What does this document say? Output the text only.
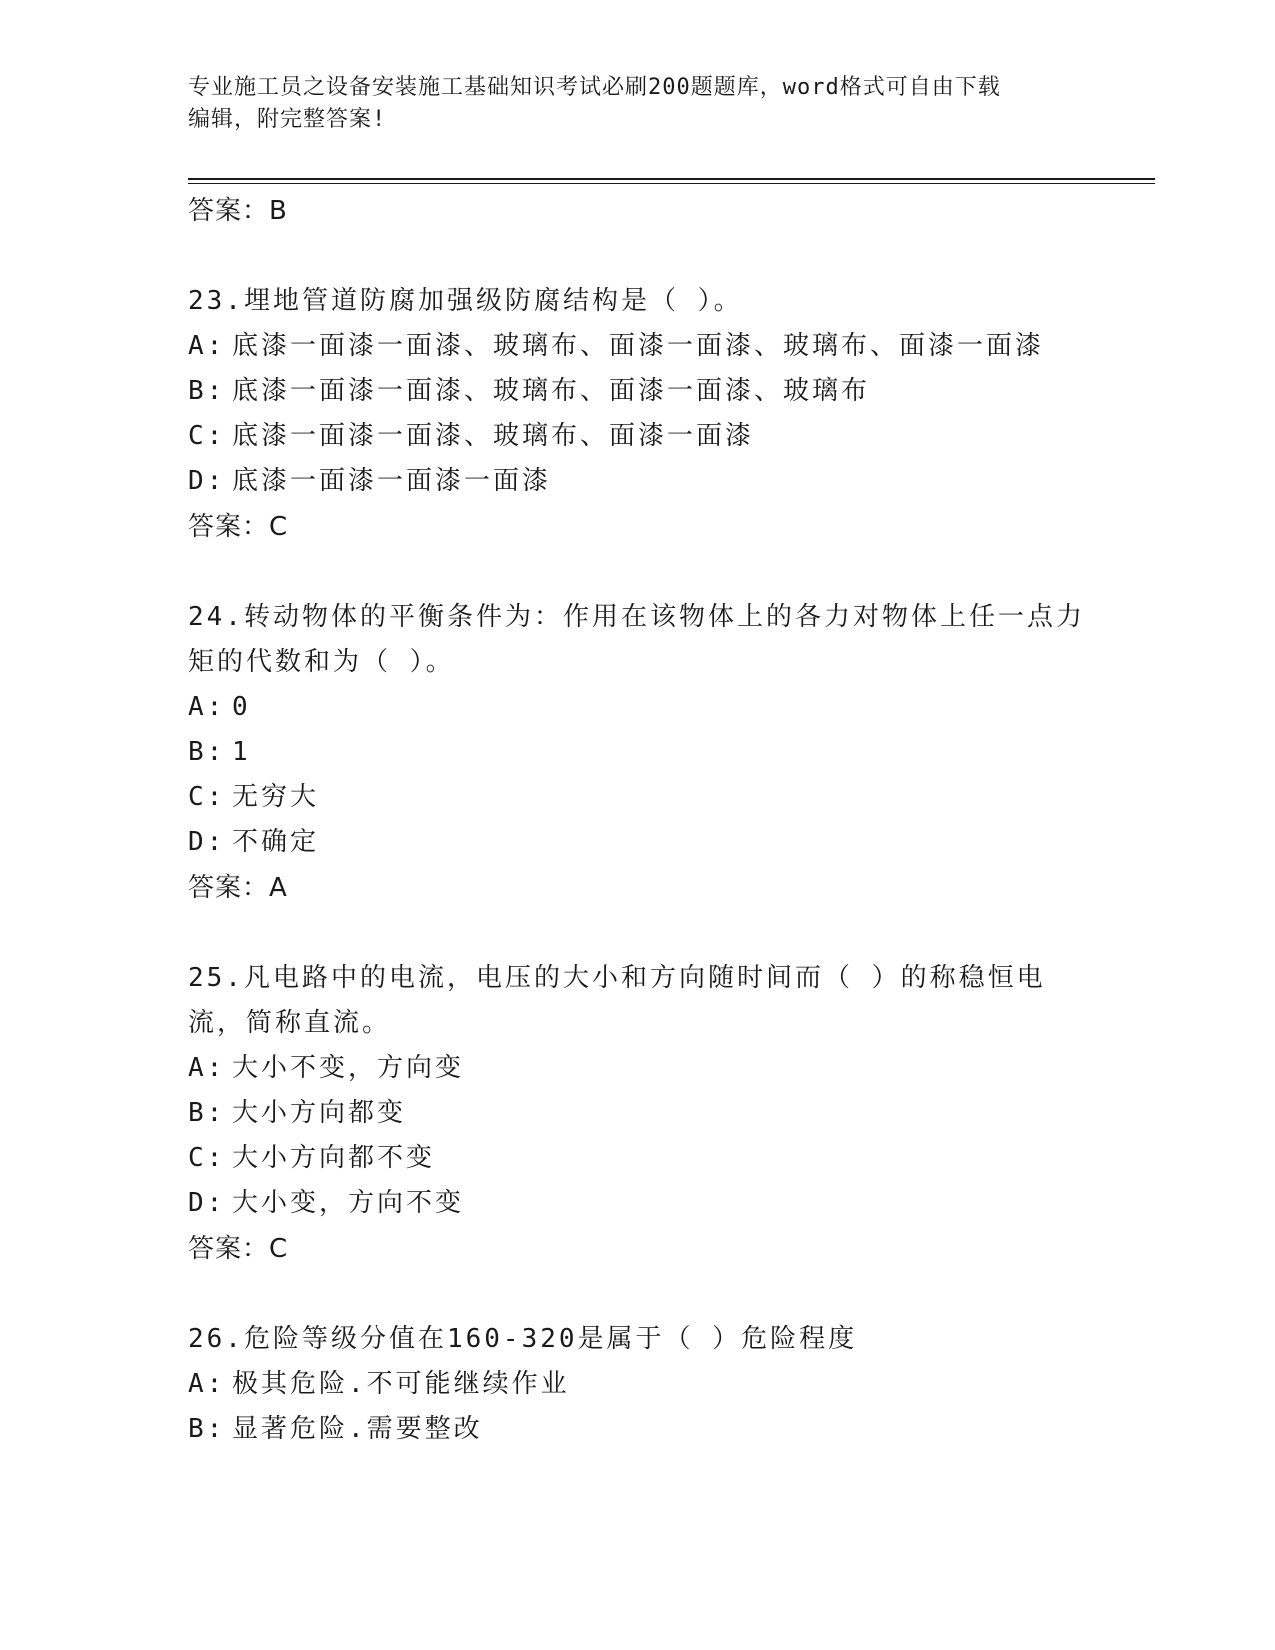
专业施工员之设备安装施工基础知识考试必刷200题题库，word格式可自由下载
编辑，附完整答案!
答案：B
23.埋地管道防腐加强级防腐结构是（ ）。
A: 底漆一面漆一面漆、玻璃布、面漆一面漆、玻璃布、面漆一面漆
B: 底漆一面漆一面漆、玻璃布、面漆一面漆、玻璃布
C: 底漆一面漆一面漆、玻璃布、面漆一面漆
D: 底漆一面漆一面漆一面漆
答案：C
24.转动物体的平衡条件为：作用在该物体上的各力对物体上任一点力矩的代数和为（ ）。
A: 0
B: 1
C: 无穷大
D: 不确定
答案：A
25.凡电路中的电流，电压的大小和方向随时间而（ ）的称稳恒电流，简称直流。
A: 大小不变，方向变
B: 大小方向都变
C: 大小方向都不变
D: 大小变，方向不变
答案：C
26.危险等级分值在160-320是属于（ ）危险程度
A: 极其危险.不可能继续作业
B: 显著危险.需要整改
